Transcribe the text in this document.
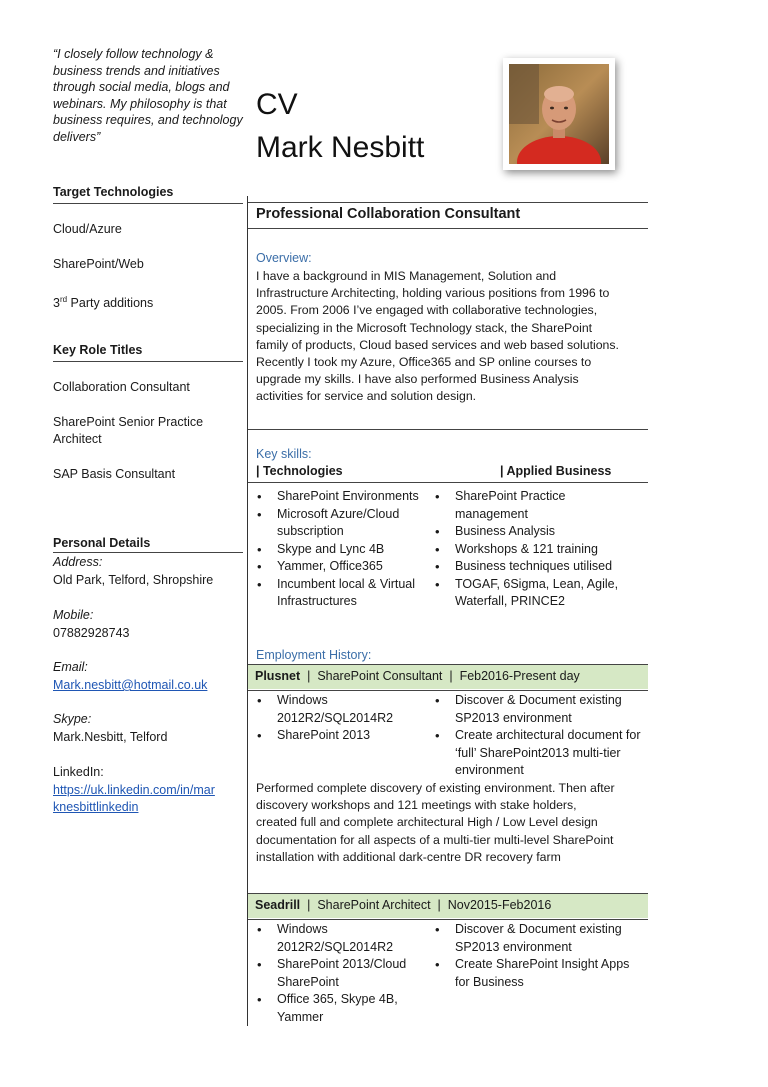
“I closely follow technology & business trends and initiatives through social media, blogs and webinars. My philosophy is that business requires, and technology delivers”
CV
Mark Nesbitt
Target Technologies
Cloud/Azure
SharePoint/Web
3rd Party additions
Key Role Titles
Collaboration Consultant
SharePoint Senior Practice Architect
SAP Basis Consultant
Personal Details
Address:
Old Park, Telford, Shropshire
Mobile:
07882928743
Email:
Mark.nesbitt@hotmail.co.uk
Skype:
Mark.Nesbitt, Telford
LinkedIn:
https://uk.linkedin.com/in/mar
knesbittlinkedin
Professional Collaboration Consultant
Overview:
I have a background in MIS Management, Solution and
Infrastructure Architecting, holding various positions from 1996 to
2005. From 2006 I’ve engaged with collaborative technologies,
specializing in the Microsoft Technology stack, the SharePoint
family of products, Cloud based services and web based solutions.
Recently I took my Azure, Office365 and SP online courses to
upgrade my skills. I have also performed Business Analysis
activities for service and solution design.
Key skills:
| Technologies	| Applied Business
• SharePoint Environments
• Microsoft Azure/Cloud subscription
• Skype and Lync 4B
• Yammer, Office365
• Incumbent local & Virtual Infrastructures
• SharePoint Practice management
• Business Analysis
• Workshops & 121 training
• Business techniques utilised
• TOGAF, 6Sigma, Lean, Agile, Waterfall, PRINCE2
Employment History:
Plusnet | SharePoint Consultant | Feb2016-Present day
• Windows 2012R2/SQL2014R2
• SharePoint 2013
• Discover & Document existing SP2013 environment
• Create architectural document for ‘full’ SharePoint2013 multi-tier environment
Performed complete discovery of existing environment. Then after
discovery workshops and 121 meetings with stake holders,
created full and complete architectural High / Low Level design
documentation for all aspects of a multi-tier multi-level SharePoint
installation with additional dark-centre DR recovery farm
Seadrill | SharePoint Architect | Nov2015-Feb2016
• Windows 2012R2/SQL2014R2
• SharePoint 2013/Cloud SharePoint
• Office 365, Skype 4B, Yammer
• Discover & Document existing SP2013 environment
• Create SharePoint Insight Apps for Business
